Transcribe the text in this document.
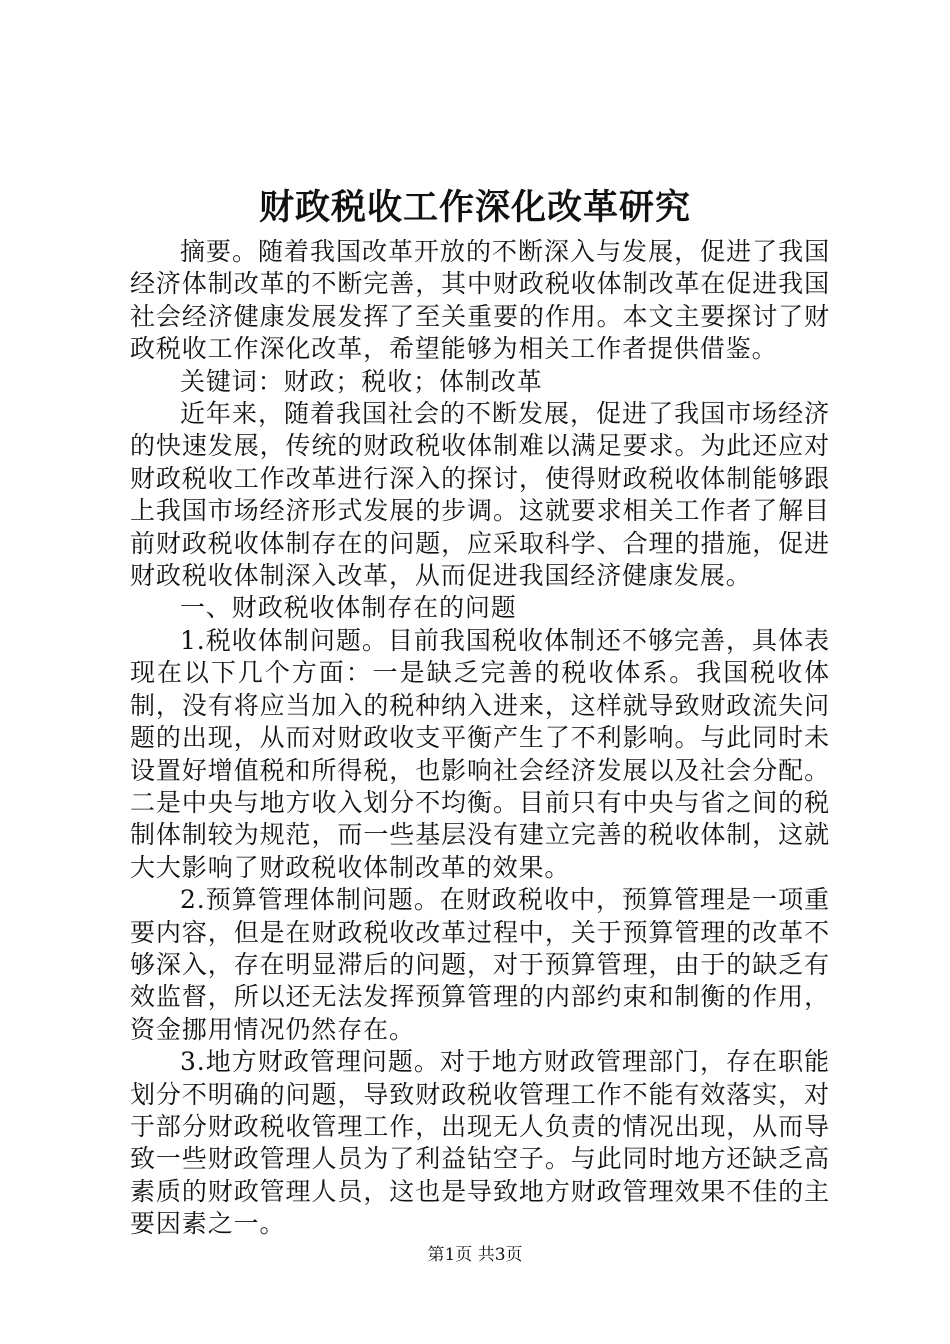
财政税收工作深化改革研究

摘要。随着我国改革开放的不断深入与发展，促进了我国经济体制改革的不断完善，其中财政税收体制改革在促进我国社会经济健康发展发挥了至关重要的作用。本文主要探讨了财政税收工作深化改革，希望能够为相关工作者提供借鉴。

关键词：财政；税收；体制改革

近年来，随着我国社会的不断发展，促进了我国市场经济的快速发展，传统的财政税收体制难以满足要求。为此还应对财政税收工作改革进行深入的探讨，使得财政税收体制能够跟上我国市场经济形式发展的步调。这就要求相关工作者了解目前财政税收体制存在的问题，应采取科学、合理的措施，促进财政税收体制深入改革，从而促进我国经济健康发展。

一、财政税收体制存在的问题

1.税收体制问题。目前我国税收体制还不够完善，具体表现在以下几个方面：一是缺乏完善的税收体系。我国税收体制，没有将应当加入的税种纳入进来，这样就导致财政流失问题的出现，从而对财政收支平衡产生了不利影响。与此同时未设置好增值税和所得税，也影响社会经济发展以及社会分配。二是中央与地方收入划分不均衡。目前只有中央与省之间的税制体制较为规范，而一些基层没有建立完善的税收体制，这就大大影响了财政税收体制改革的效果。

2.预算管理体制问题。在财政税收中，预算管理是一项重要内容，但是在财政税收改革过程中，关于预算管理的改革不够深入，存在明显滞后的问题，对于预算管理，由于的缺乏有效监督，所以还无法发挥预算管理的内部约束和制衡的作用，资金挪用情况仍然存在。

3.地方财政管理问题。对于地方财政管理部门，存在职能划分不明确的问题，导致财政税收管理工作不能有效落实，对于部分财政税收管理工作，出现无人负责的情况出现，从而导致一些财政管理人员为了利益钻空子。与此同时地方还缺乏高素质的财政管理人员，这也是导致地方财政管理效果不佳的主要因素之一。

第1页 共3页
